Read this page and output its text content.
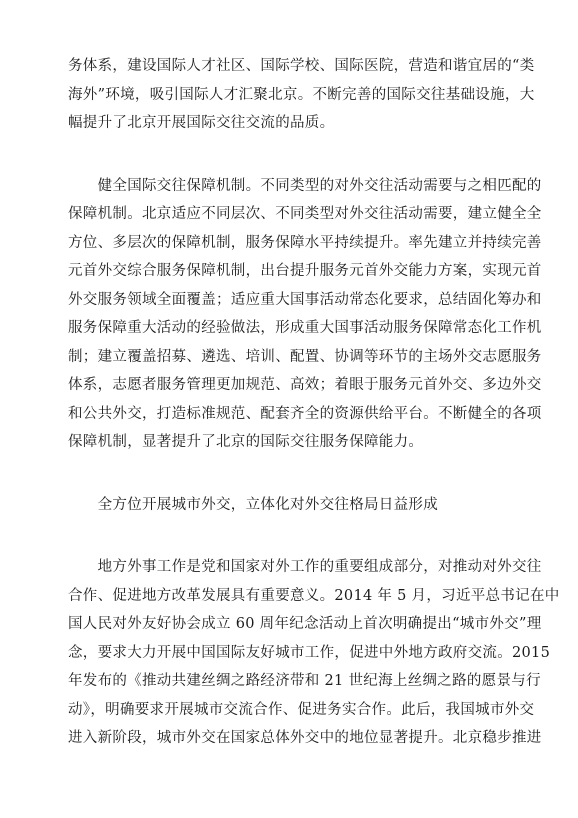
务体系，建设国际人才社区、国际学校、国际医院，营造和谐宜居的“类
海外”环境，吸引国际人才汇聚北京。不断完善的国际交往基础设施，大
幅提升了北京开展国际交往交流的品质。

　　健全国际交往保障机制。不同类型的对外交往活动需要与之相匹配的
保障机制。北京适应不同层次、不同类型对外交往活动需要，建立健全全
方位、多层次的保障机制，服务保障水平持续提升。率先建立并持续完善
元首外交综合服务保障机制，出台提升服务元首外交能力方案，实现元首
外交服务领域全面覆盖；适应重大国事活动常态化要求，总结固化筹办和
服务保障重大活动的经验做法，形成重大国事活动服务保障常态化工作机
制；建立覆盖招募、遴选、培训、配置、协调等环节的主场外交志愿服务
体系，志愿者服务管理更加规范、高效；着眼于服务元首外交、多边外交
和公共外交，打造标准规范、配套齐全的资源供给平台。不断健全的各项
保障机制，显著提升了北京的国际交往服务保障能力。

　　全方位开展城市外交，立体化对外交往格局日益形成

　　地方外事工作是党和国家对外工作的重要组成部分，对推动对外交往
合作、促进地方改革发展具有重要意义。2014 年 5 月，习近平总书记在中
国人民对外友好协会成立 60 周年纪念活动上首次明确提出“城市外交”理
念，要求大力开展中国国际友好城市工作，促进中外地方政府交流。2015
年发布的《推动共建丝绸之路经济带和 21 世纪海上丝绸之路的愿景与行
动》，明确要求开展城市交流合作、促进务实合作。此后，我国城市外交
进入新阶段，城市外交在国家总体外交中的地位显著提升。北京稳步推进
